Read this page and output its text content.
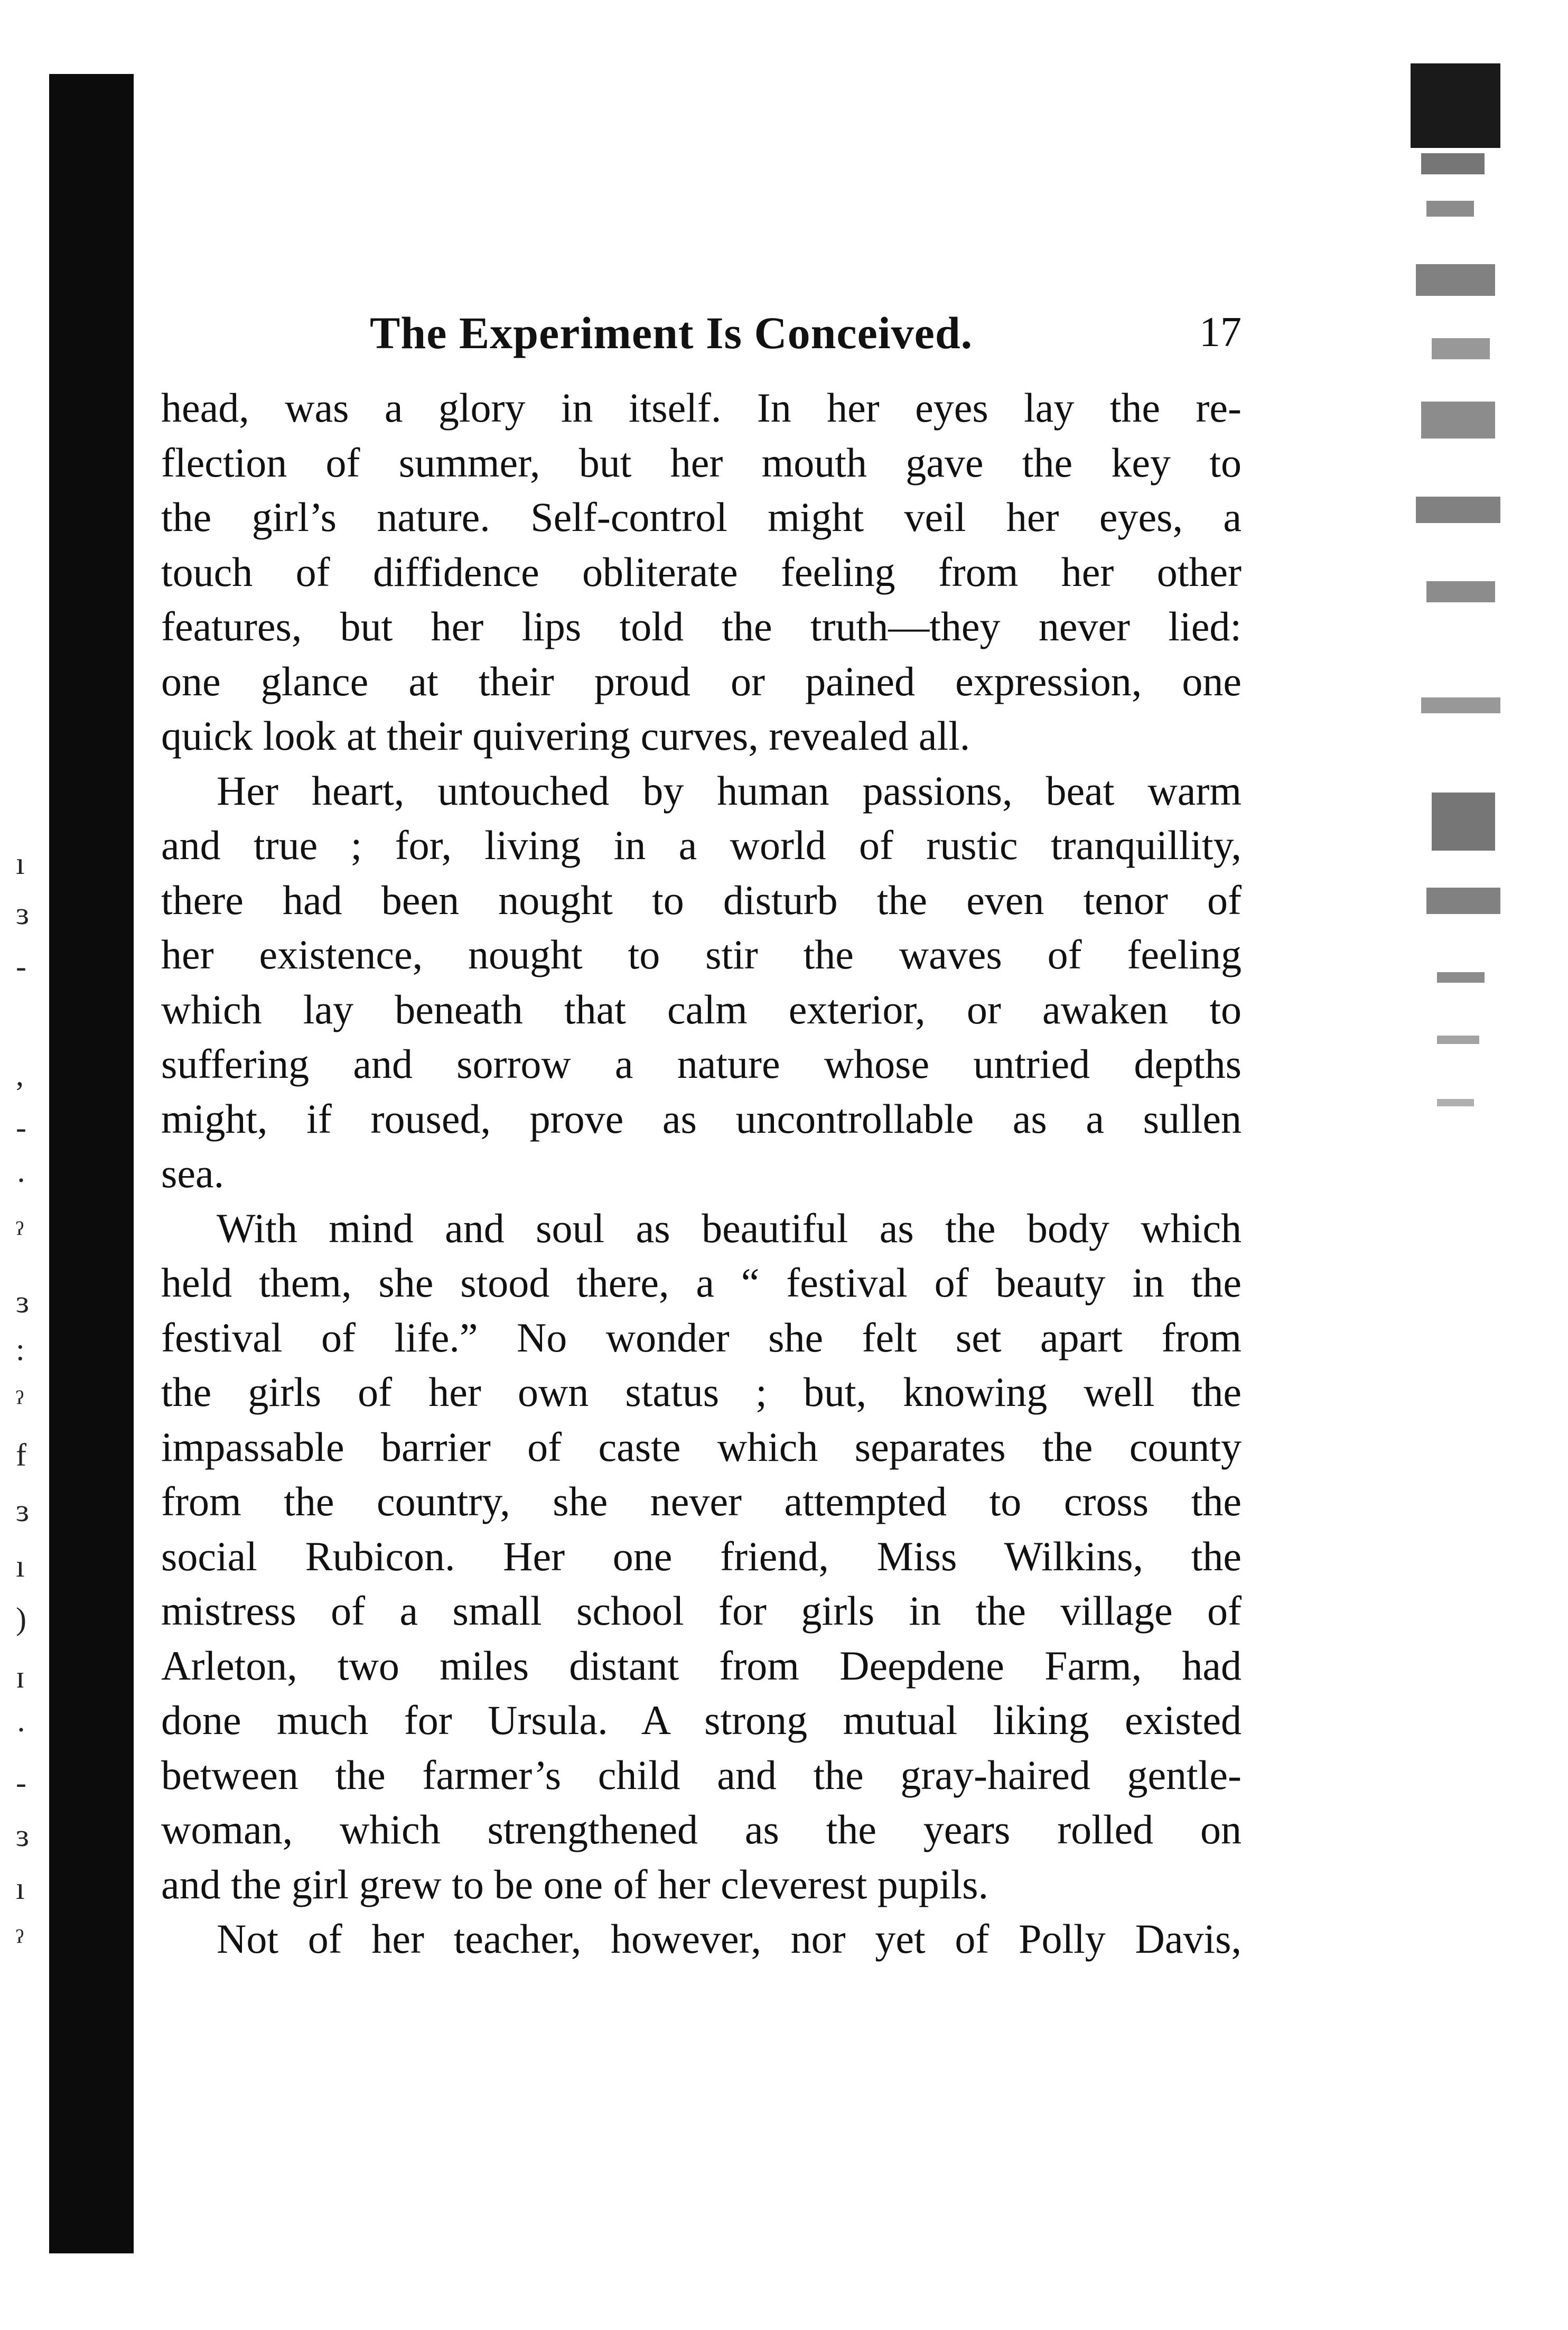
ı
ɜ
-
,
-
·
ˀ
ɜ
:
ˀ
f
ɜ
ı
)
ɪ
·
-
ɜ
ı
ˀ
The Experiment Is Conceived.	17

head, was a glory in itself. In her eyes lay the re-
flection of summer, but her mouth gave the key to
the girl’s nature. Self-control might veil her eyes, a
touch of diffidence obliterate feeling from her other
features, but her lips told the truth—they never lied:
one glance at their proud or pained expression, one
quick look at their quivering curves, revealed all.

Her heart, untouched by human passions, beat warm
and true ; for, living in a world of rustic tranquillity,
there had been nought to disturb the even tenor of
her existence, nought to stir the waves of feeling
which lay beneath that calm exterior, or awaken to
suffering and sorrow a nature whose untried depths
might, if roused, prove as uncontrollable as a sullen
sea.

With mind and soul as beautiful as the body which
held them, she stood there, a “ festival of beauty in the
festival of life.” No wonder she felt set apart from
the girls of her own status ; but, knowing well the
impassable barrier of caste which separates the county
from the country, she never attempted to cross the
social Rubicon. Her one friend, Miss Wilkins, the
mistress of a small school for girls in the village of
Arleton, two miles distant from Deepdene Farm, had
done much for Ursula. A strong mutual liking existed
between the farmer’s child and the gray-haired gentle-
woman, which strengthened as the years rolled on
and the girl grew to be one of her cleverest pupils.

Not of her teacher, however, nor yet of Polly Davis,
